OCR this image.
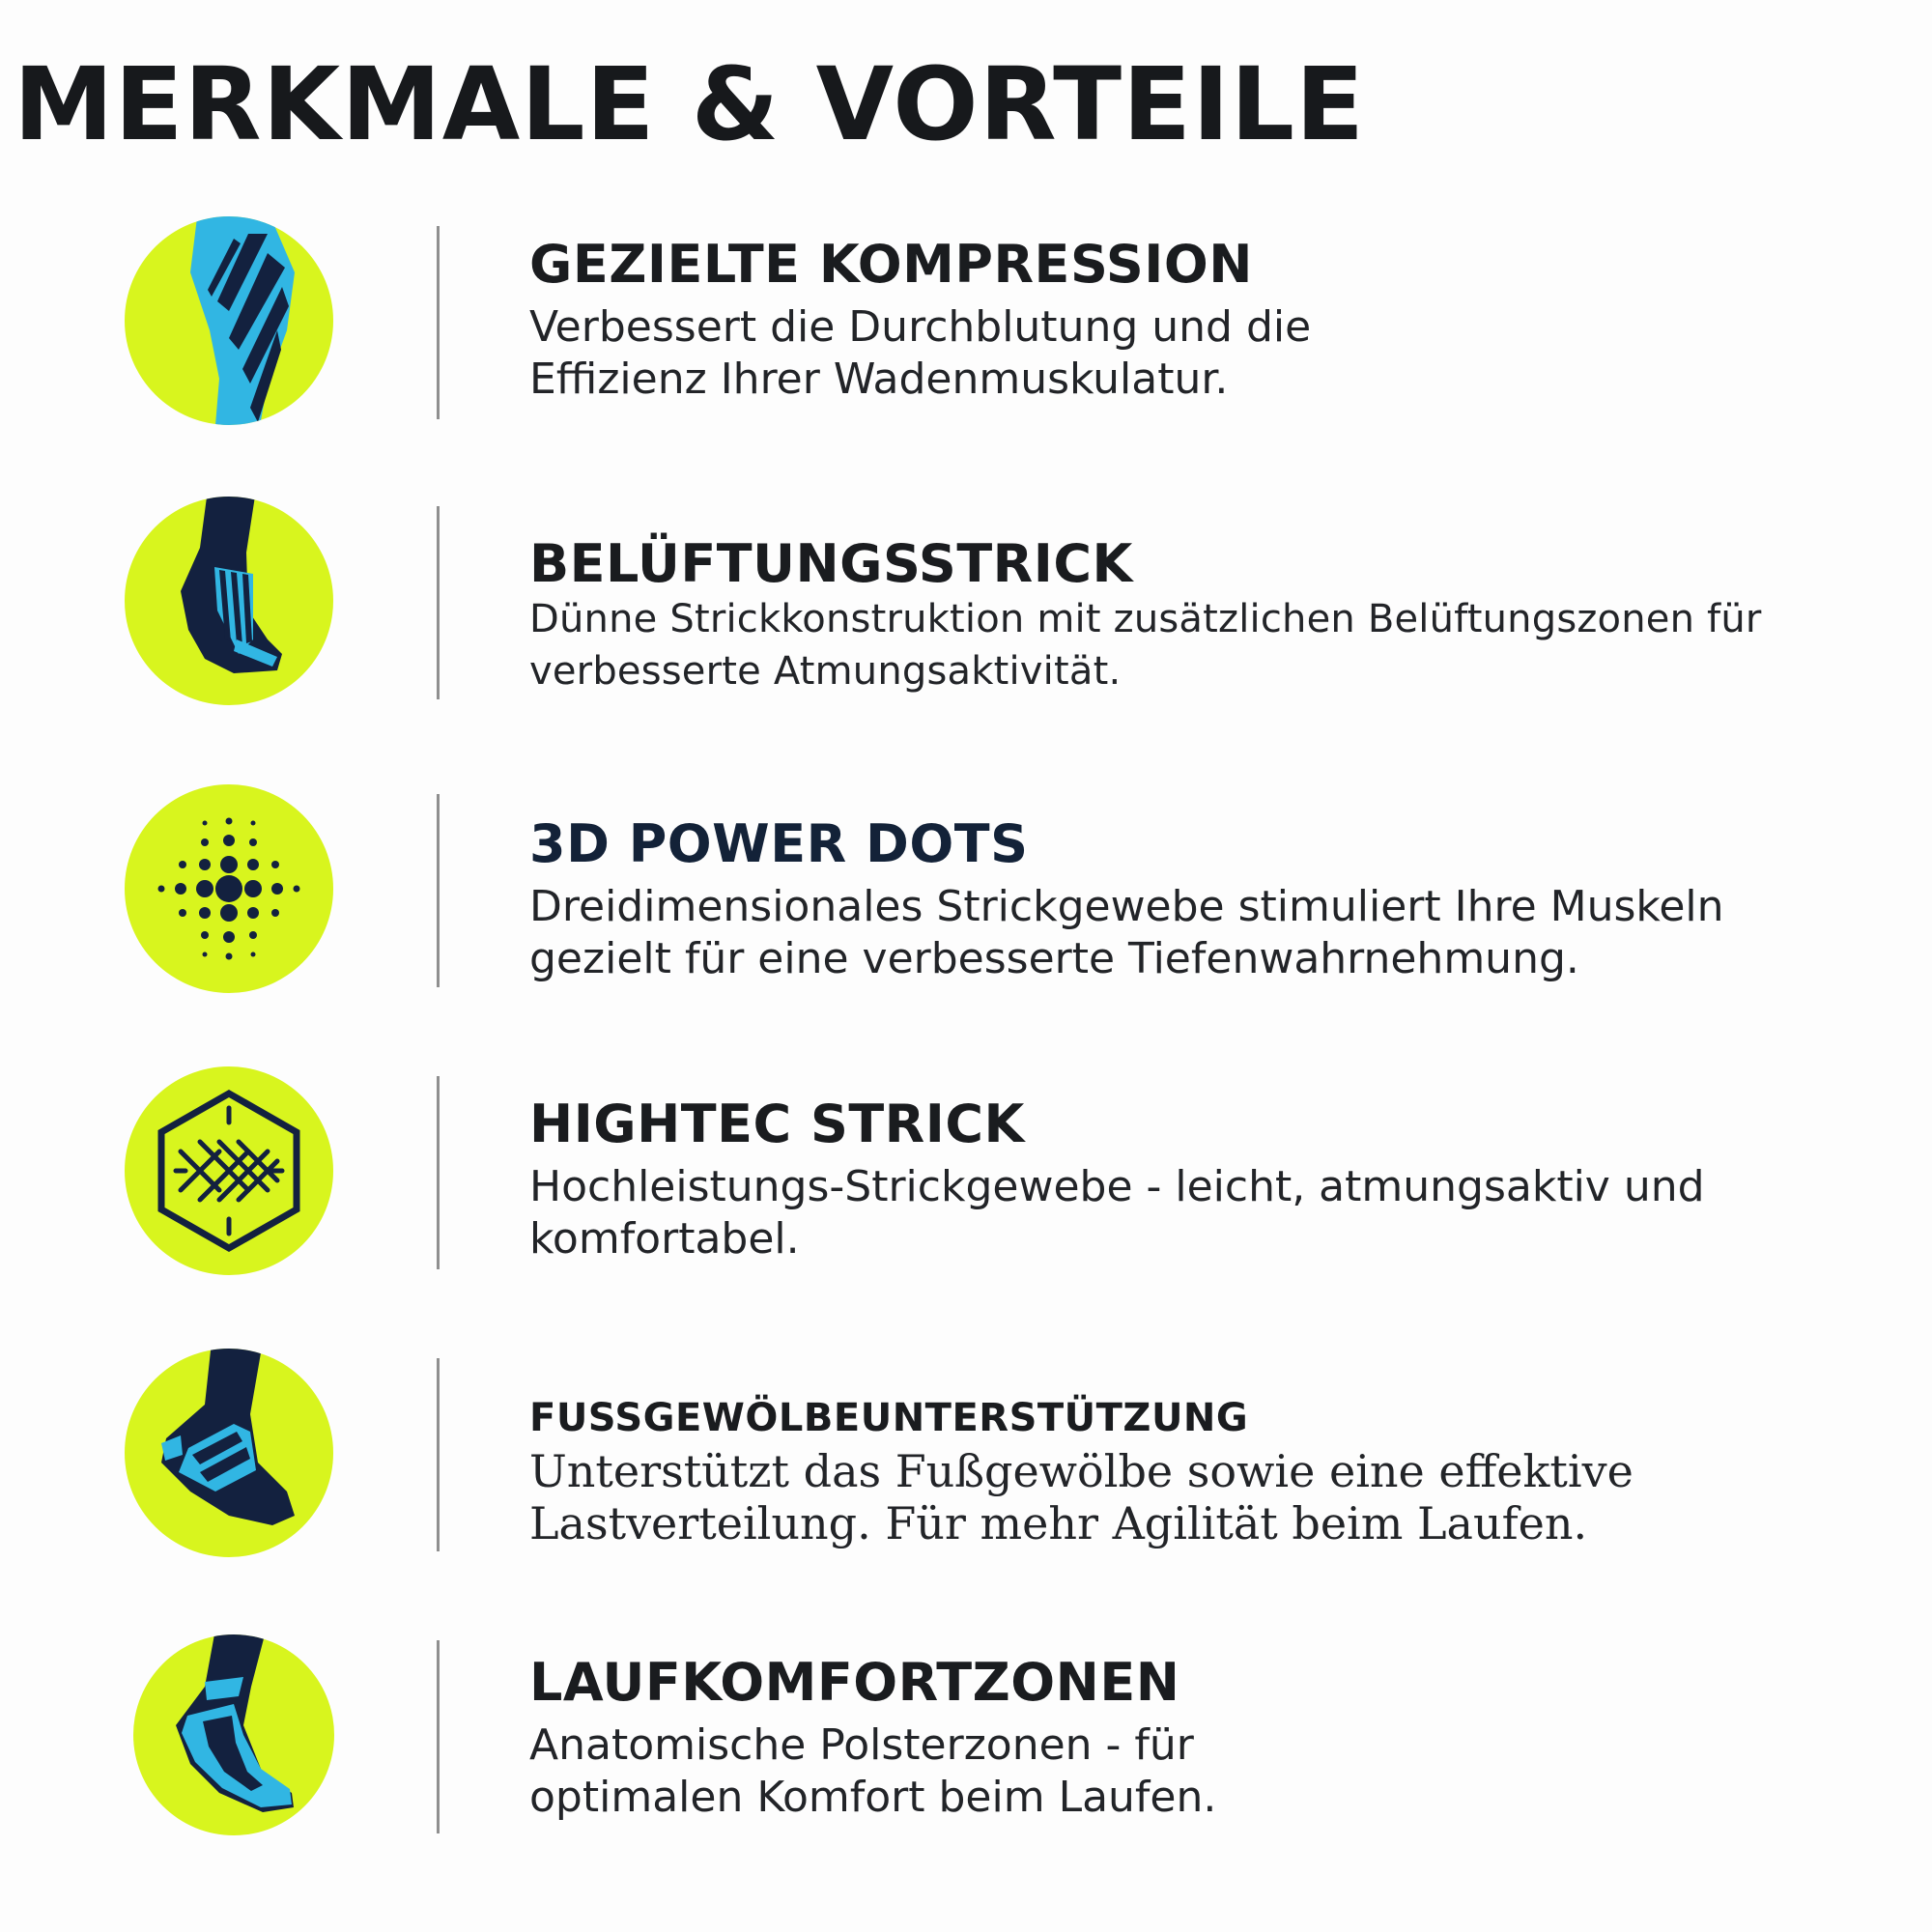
MERKMALE & VORTEILE
GEZIELTE KOMPRESSION

Verbessert die Durchblutung und die
Effizienz Ihrer Wadenmuskulatur.

BELÜFTUNGSSTRICK

Dünne Strickkonstruktion mit zusätzlichen Belüftungszonen für
verbesserte Atmungsaktivität.

3D POWER DOTS

Dreidimensionales Strickgewebe stimuliert Ihre Muskeln
gezielt für eine verbesserte Tiefenwahrnehmung.

HIGHTEC STRICK

Hochleistungs-Strickgewebe - leicht, atmungsaktiv und
komfortabel.

FUSSGEWÖLBEUNTERSTÜTZUNG

Unterstützt das Fußgewölbe sowie eine effektive
Lastverteilung. Für mehr Agilität beim Laufen.

LAUFKOMFORTZONEN

Anatomische Polsterzonen - für
optimalen Komfort beim Laufen.
